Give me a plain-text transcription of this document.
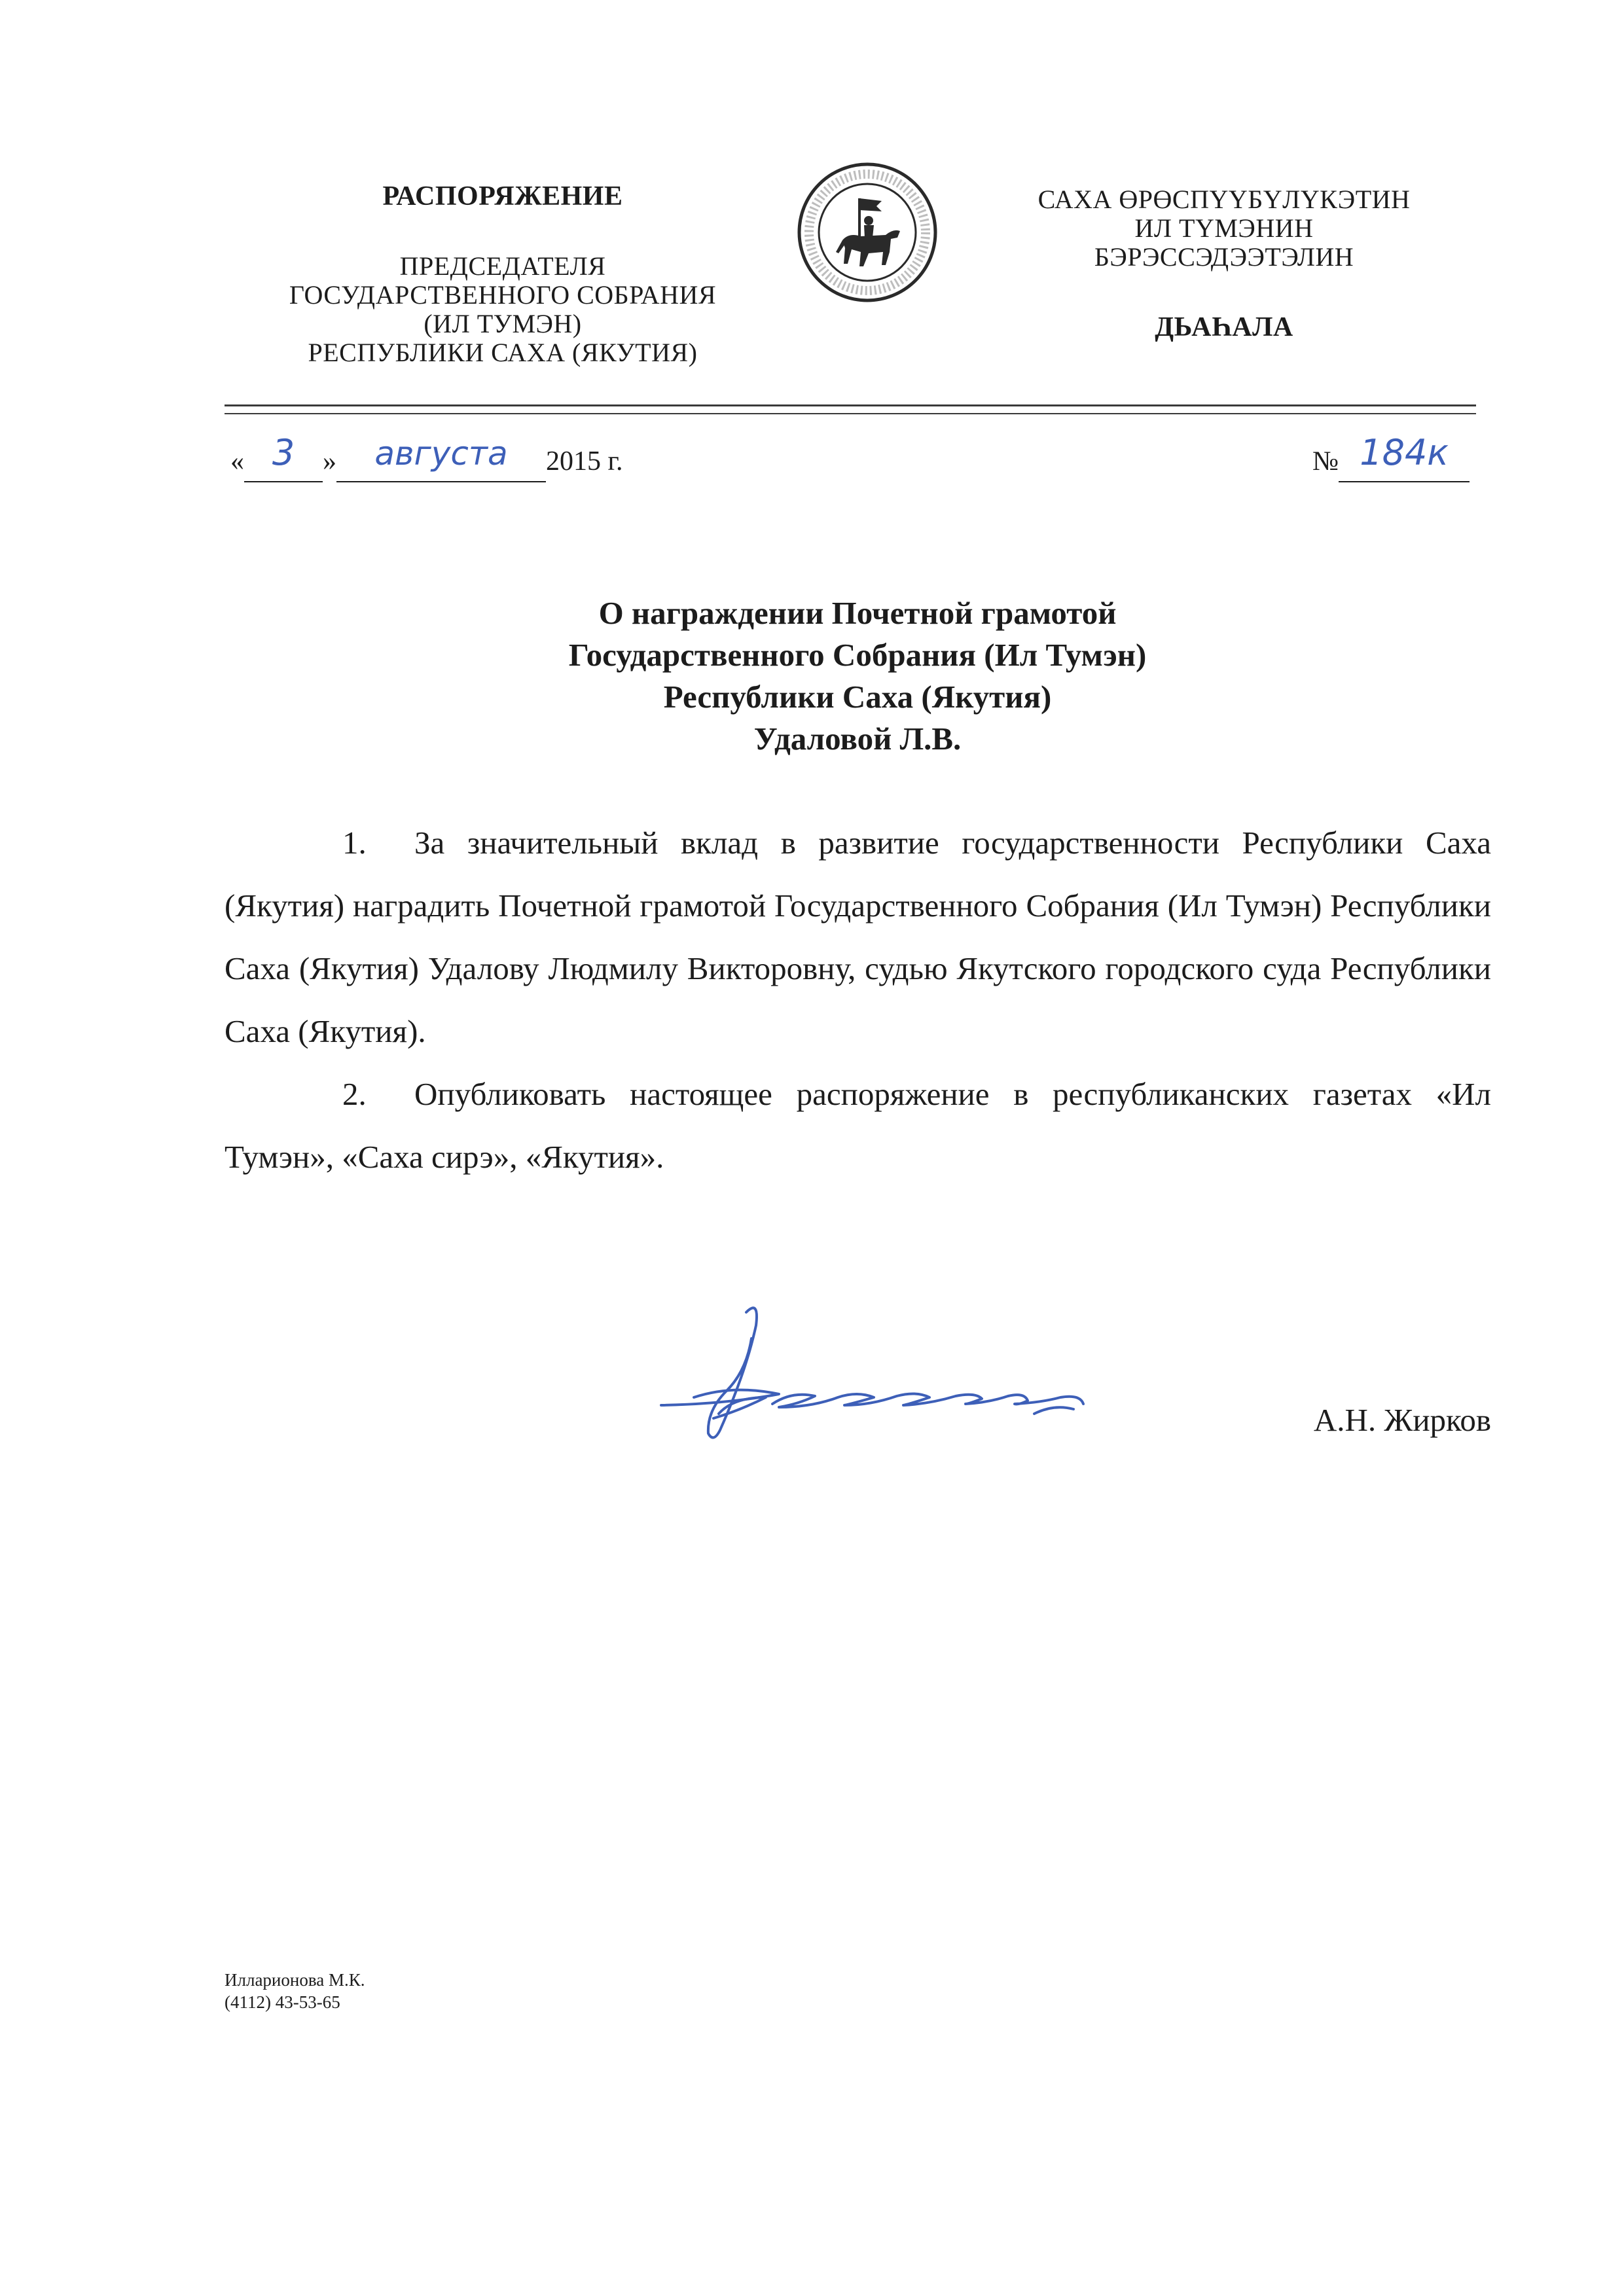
РАСПОРЯЖЕНИЕ
ПРЕДСЕДАТЕЛЯ
ГОСУДАРСТВЕННОГО СОБРАНИЯ
(ИЛ ТУМЭН)
РЕСПУБЛИКИ САХА (ЯКУТИЯ)
САХА ӨРӨСПҮҮБҮЛҮКЭТИН
ИЛ ТҮМЭНИН
БЭРЭССЭДЭЭТЭЛИН
ДЬАҺАЛА
« 3 » августа 2015 г.	№ 184к
О награждении Почетной грамотой
Государственного Собрания (Ил Тумэн)
Республики Саха (Якутия)
Удаловой Л.В.

1. За значительный вклад в развитие государственности Республики Саха (Якутия) наградить Почетной грамотой Государственного Собрания (Ил Тумэн) Республики Саха (Якутия) Удалову Людмилу Викторовну, судью Якутского городского суда Республики Саха (Якутия).

2. Опубликовать настоящее распоряжение в республиканских газетах «Ил Тумэн», «Саха сирэ», «Якутия».

А.Н. Жирков
Илларионова М.К.
(4112) 43-53-65
